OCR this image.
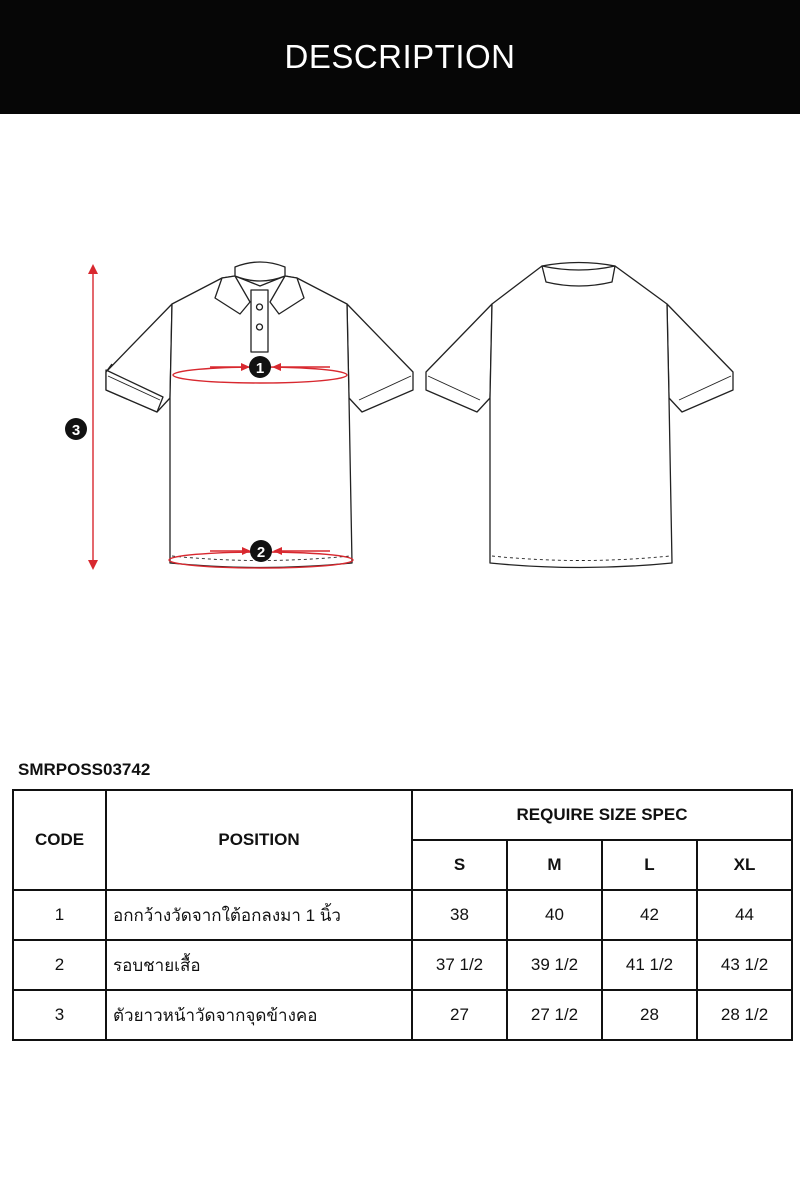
DESCRIPTION
1
2
3
SMRPOSS03742
CODE	POSITION	REQUIRE SIZE SPEC			
		S	M	L	XL
1	อกกว้างวัดจากใต้อกลงมา 1 นิ้ว	38	40	42	44
2	รอบชายเสื้อ	37 1/2	39 1/2	41 1/2	43 1/2
3	ตัวยาวหน้าวัดจากจุดข้างคอ	27	27 1/2	28	28 1/2
